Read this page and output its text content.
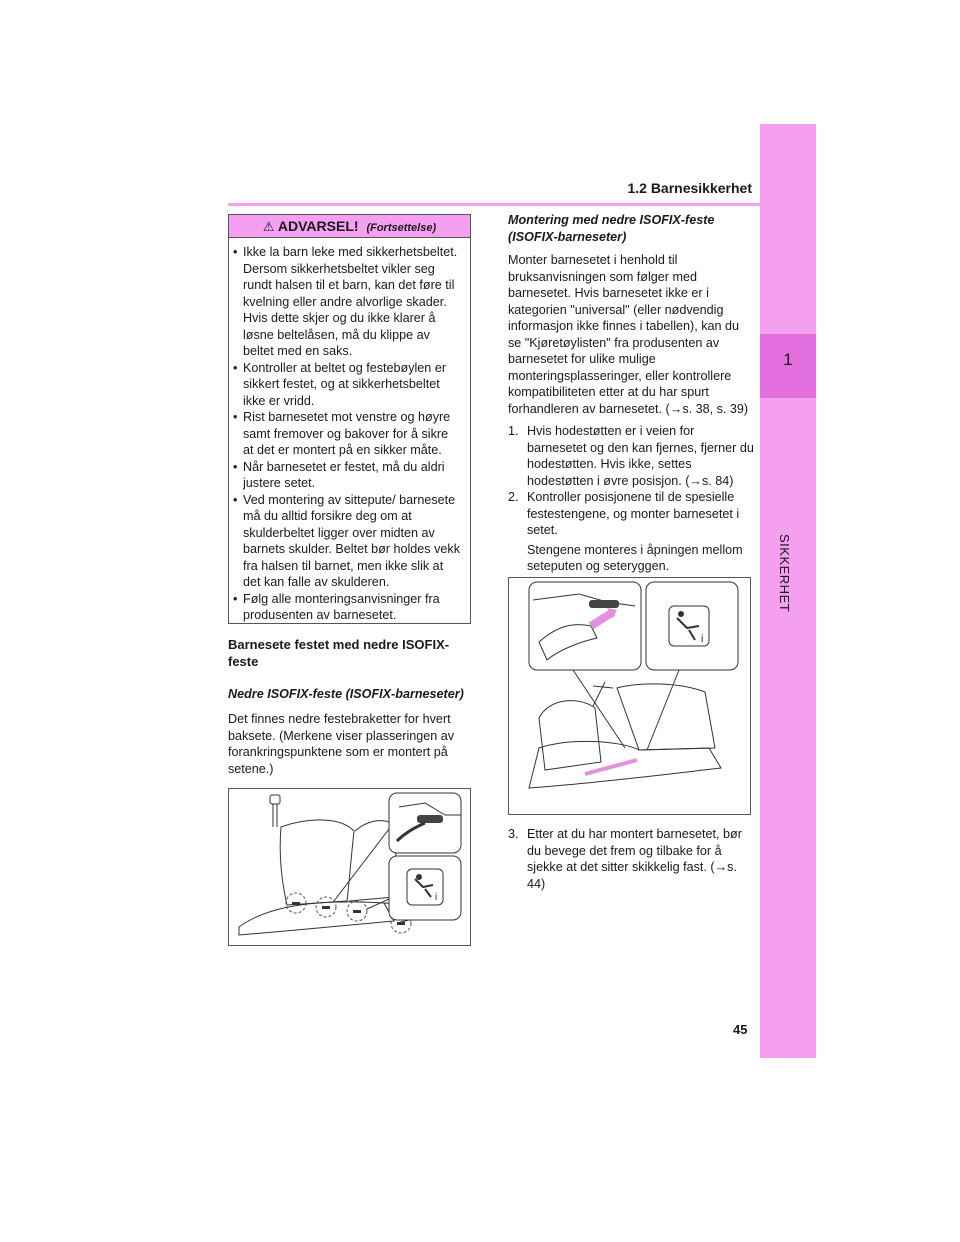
1
SIKKERHET
1.2 Barnesikkerhet
⚠ ADVARSEL! (Fortsettelse)
• Ikke la barn leke med sikkerhetsbeltet. Dersom sikkerhetsbeltet vikler seg rundt halsen til et barn, kan det føre til kvelning eller andre alvorlige skader. Hvis dette skjer og du ikke klarer å løsne beltelåsen, må du klippe av beltet med en saks.
• Kontroller at beltet og festebøylen er sikkert festet, og at sikkerhetsbeltet ikke er vridd.
• Rist barnesetet mot venstre og høyre samt fremover og bakover for å sikre at det er montert på en sikker måte.
• Når barnesetet er festet, må du aldri justere setet.
• Ved montering av sittepute/ barnesete må du alltid forsikre deg om at skulderbeltet ligger over midten av barnets skulder. Beltet bør holdes vekk fra halsen til barnet, men ikke slik at det kan falle av skulderen.
• Følg alle monteringsanvisninger fra produsenten av barnesetet.

Barnesete festet med nedre ISOFIX-feste

Nedre ISOFIX-feste (ISOFIX-barneseter)

Det finnes nedre festebraketter for hvert baksete. (Merkene viser plasseringen av forankringspunktene som er montert på setene.)

i

Montering med nedre ISOFIX-feste (ISOFIX-barneseter)

Monter barnesetet i henhold til bruksanvisningen som følger med barnesetet. Hvis barnesetet ikke er i kategorien "universal" (eller nødvendig informasjon ikke finnes i tabellen), kan du se "Kjøretøylisten" fra produsenten av barnesetet for ulike mulige monteringsplasseringer, eller kontrollere kompatibiliteten etter at du har spurt forhandleren av barnesetet. (→s. 38, s. 39)

1. Hvis hodestøtten er i veien for barnesetet og den kan fjernes, fjerner du hodestøtten. Hvis ikke, settes hodestøtten i øvre posisjon. (→s. 84)
2. Kontroller posisjonene til de spesielle festestengene, og monter barnesetet i setet.

Stengene monteres i åpningen mellom seteputen og seteryggen.

i
3. Etter at du har montert barnesetet, bør du bevege det frem og tilbake for å sjekke at det sitter skikkelig fast. (→s. 44)
45
